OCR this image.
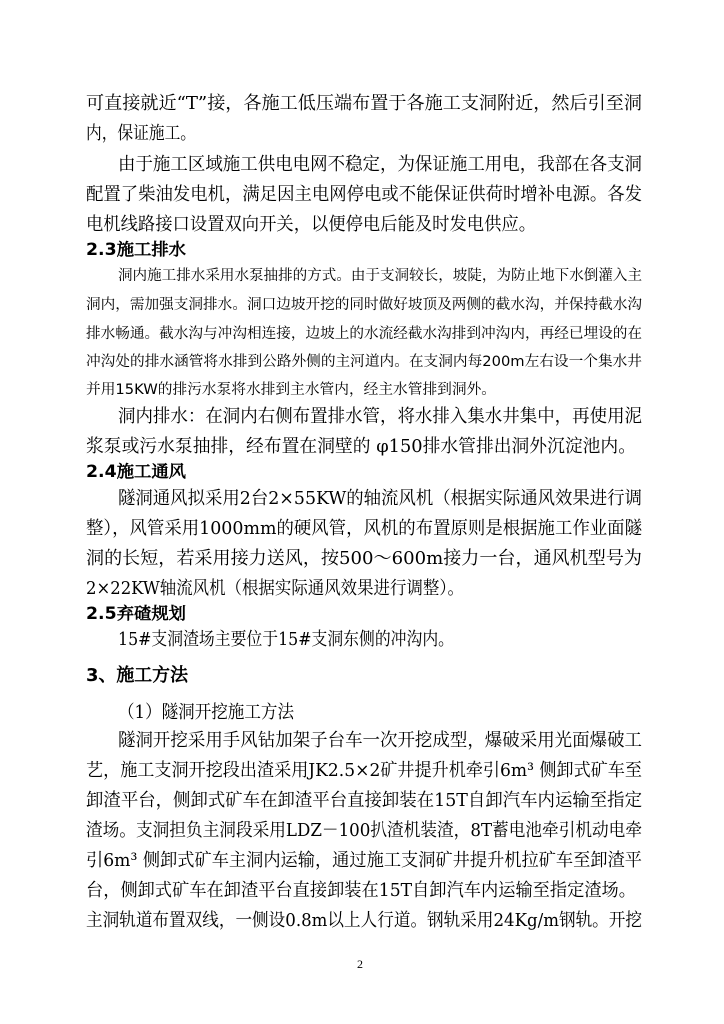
可直接就近“T”接，各施工低压端布置于各施工支洞附近，然后引至洞
内，保证施工。
由于施工区域施工供电电网不稳定，为保证施工用电，我部在各支洞
配置了柴油发电机，满足因主电网停电或不能保证供荷时增补电源。各发
电机线路接口设置双向开关，以便停电后能及时发电供应。
2.3施工排水
洞内施工排水采用水泵抽排的方式。由于支洞较长，坡陡，为防止地下水倒灌入主
洞内，需加强支洞排水。洞口边坡开挖的同时做好坡顶及两侧的截水沟，并保持截水沟
排水畅通。截水沟与冲沟相连接，边坡上的水流经截水沟排到冲沟内，再经已埋设的在
冲沟处的排水涵管将水排到公路外侧的主河道内。在支洞内每200m左右设一个集水井
并用15KW的排污水泵将水排到主水管内，经主水管排到洞外。
洞内排水：在洞内右侧布置排水管，将水排入集水井集中，再使用泥
浆泵或污水泵抽排，经布置在洞壁的 φ150排水管排出洞外沉淀池内。
2.4施工通风
隧洞通风拟采用2台2×55KW的轴流风机（根据实际通风效果进行调
整），风管采用1000mm的硬风管，风机的布置原则是根据施工作业面隧
洞的长短，若采用接力送风，按500～600m接力一台，通风机型号为
2×22KW轴流风机（根据实际通风效果进行调整）。
2.5弃碴规划
15#支洞渣场主要位于15#支洞东侧的冲沟内。
3、施工方法
（1）隧洞开挖施工方法
隧洞开挖采用手风钻加架子台车一次开挖成型，爆破采用光面爆破工
艺，施工支洞开挖段出渣采用JK2.5×2矿井提升机牵引6m³ 侧卸式矿车至
卸渣平台，侧卸式矿车在卸渣平台直接卸装在15T自卸汽车内运输至指定
渣场。支洞担负主洞段采用LDZ－100扒渣机装渣，8T蓄电池牵引机动电牵
引6m³ 侧卸式矿车主洞内运输，通过施工支洞矿井提升机拉矿车至卸渣平
台，侧卸式矿车在卸渣平台直接卸装在15T自卸汽车内运输至指定渣场。
主洞轨道布置双线，一侧设0.8m以上人行道。钢轨采用24Kg/m钢轨。开挖
2
